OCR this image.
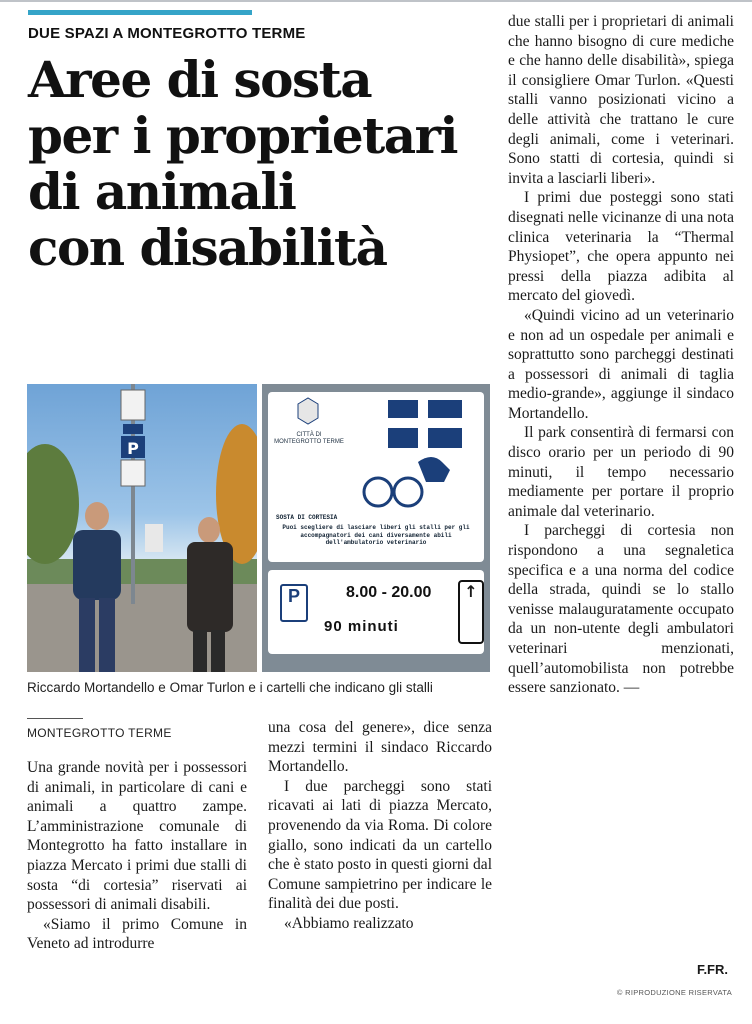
DUE SPAZI A MONTEGROTTO TERME
Aree di sosta
per i proprietari
di animali
con disabilità
P
CITTÀ DI MONTEGROTTO TERME
SOSTA DI CORTESIA
Puoi scegliere di lasciare liberi gli stalli per gli accompagnatori dei cani diversamente abili dell'ambulatorio veterinario
P	8.00 - 20.00
90 minuti
↑
Riccardo Mortandello e Omar Turlon e i cartelli che indicano gli stalli
MONTEGROTTO TERME

Una grande novità per i possessori di animali, in particolare di cani e animali a quattro zampe. L’amministrazione comunale di Montegrotto ha fatto installare in piazza Mercato i primi due stalli di sosta “di cortesia” riservati ai possessori di animali disabili.

«Siamo il primo Comune in Veneto ad introdurre

una cosa del genere», dice senza mezzi termini il sindaco Riccardo Mortandello.

I due parcheggi sono stati ricavati ai lati di piazza Mercato, provenendo da via Roma. Di colore giallo, sono indicati da un cartello che è stato posto in questi giorni dal Comune sampietrino per indicare le finalità dei due posti.

«Abbiamo realizzato

due stalli per i proprietari di animali che hanno bisogno di cure mediche e che hanno delle disabilità», spiega il consigliere Omar Turlon. «Questi stalli vanno posizionati vicino a delle attività che trattano le cure degli animali, come i veterinari. Sono statti di cortesia, quindi si invita a lasciarli liberi».

I primi due posteggi sono stati disegnati nelle vicinanze di una nota clinica veterinaria la “Thermal Physiopet”, che opera appunto nei pressi della piazza adibita al mercato del giovedì.

«Quindi vicino ad un veterinario e non ad un ospedale per animali e soprattutto sono parcheggi destinati a possessori di animali di taglia medio-grande», aggiunge il sindaco Mortandello.

Il park consentirà di fermarsi con disco orario per un periodo di 90 minuti, il tempo necessario mediamente per portare il proprio animale dal veterinario.

I parcheggi di cortesia non rispondono a una segnaletica specifica e a una norma del codice della strada, quindi se lo stallo venisse malauguratamente occupato da un non-utente degli ambulatori veterinari menzionati, quell’automobilista non potrebbe essere sanzionato. —

F.FR.
© RIPRODUZIONE RISERVATA
